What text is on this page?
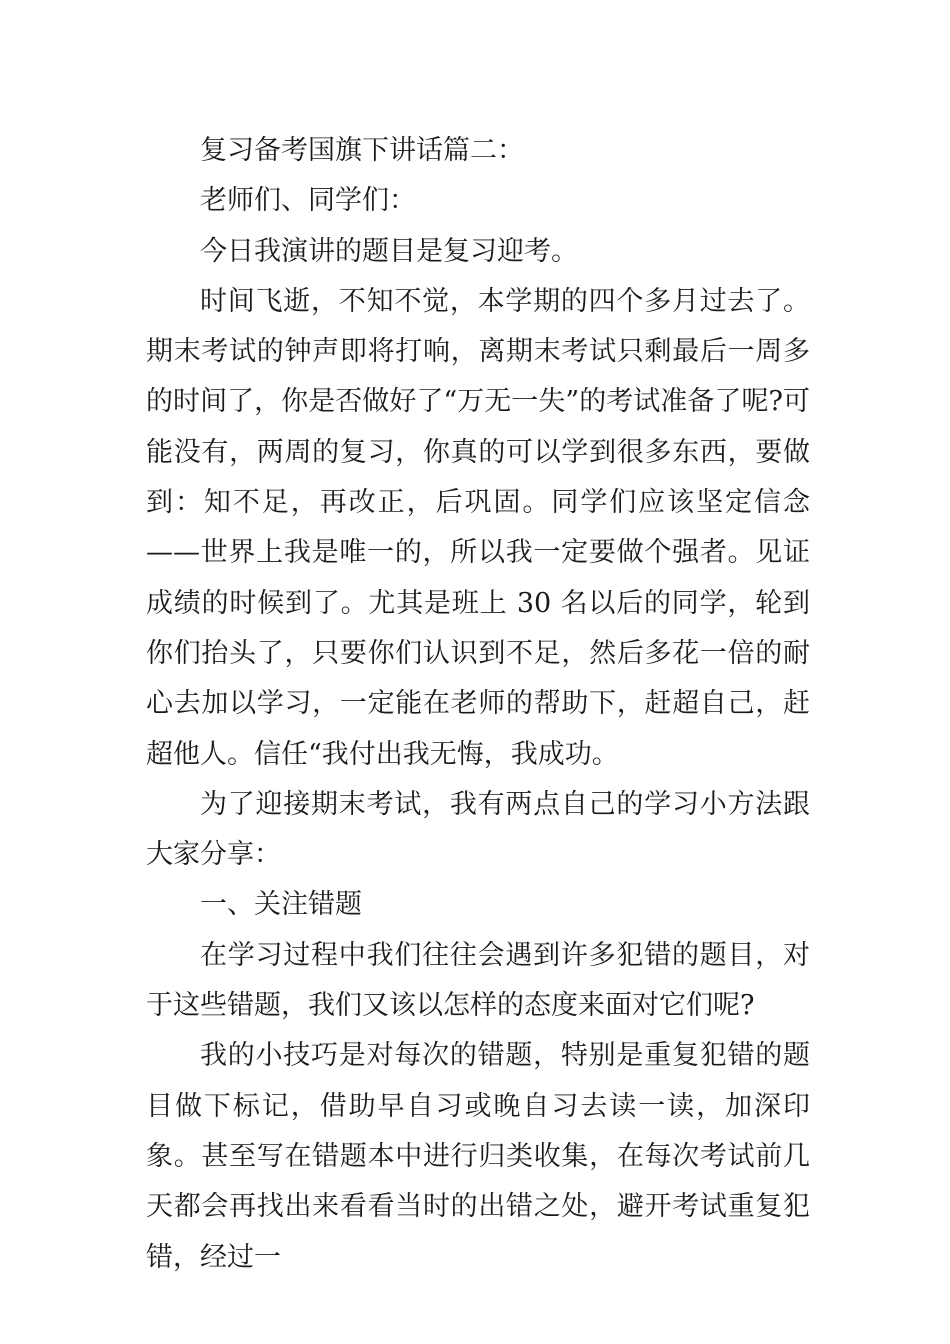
复习备考国旗下讲话篇二：

老师们、同学们：

今日我演讲的题目是复习迎考。

时间飞逝，不知不觉，本学期的四个多月过去了。期末考试的钟声即将打响，离期末考试只剩最后一周多的时间了，你是否做好了“万无一失”的考试准备了呢?可能没有，两周的复习，你真的可以学到很多东西，要做到：知不足，再改正，后巩固。同学们应该坚定信念——世界上我是唯一的，所以我一定要做个强者。见证成绩的时候到了。尤其是班上 30 名以后的同学，轮到你们抬头了，只要你们认识到不足，然后多花一倍的耐心去加以学习，一定能在老师的帮助下，赶超自己，赶超他人。信任“我付出我无悔，我成功。

为了迎接期末考试，我有两点自己的学习小方法跟大家分享：

一、关注错题

在学习过程中我们往往会遇到许多犯错的题目，对于这些错题，我们又该以怎样的态度来面对它们呢?

我的小技巧是对每次的错题，特别是重复犯错的题目做下标记，借助早自习或晚自习去读一读，加深印象。甚至写在错题本中进行归类收集，在每次考试前几天都会再找出来看看当时的出错之处，避开考试重复犯错，经过一
